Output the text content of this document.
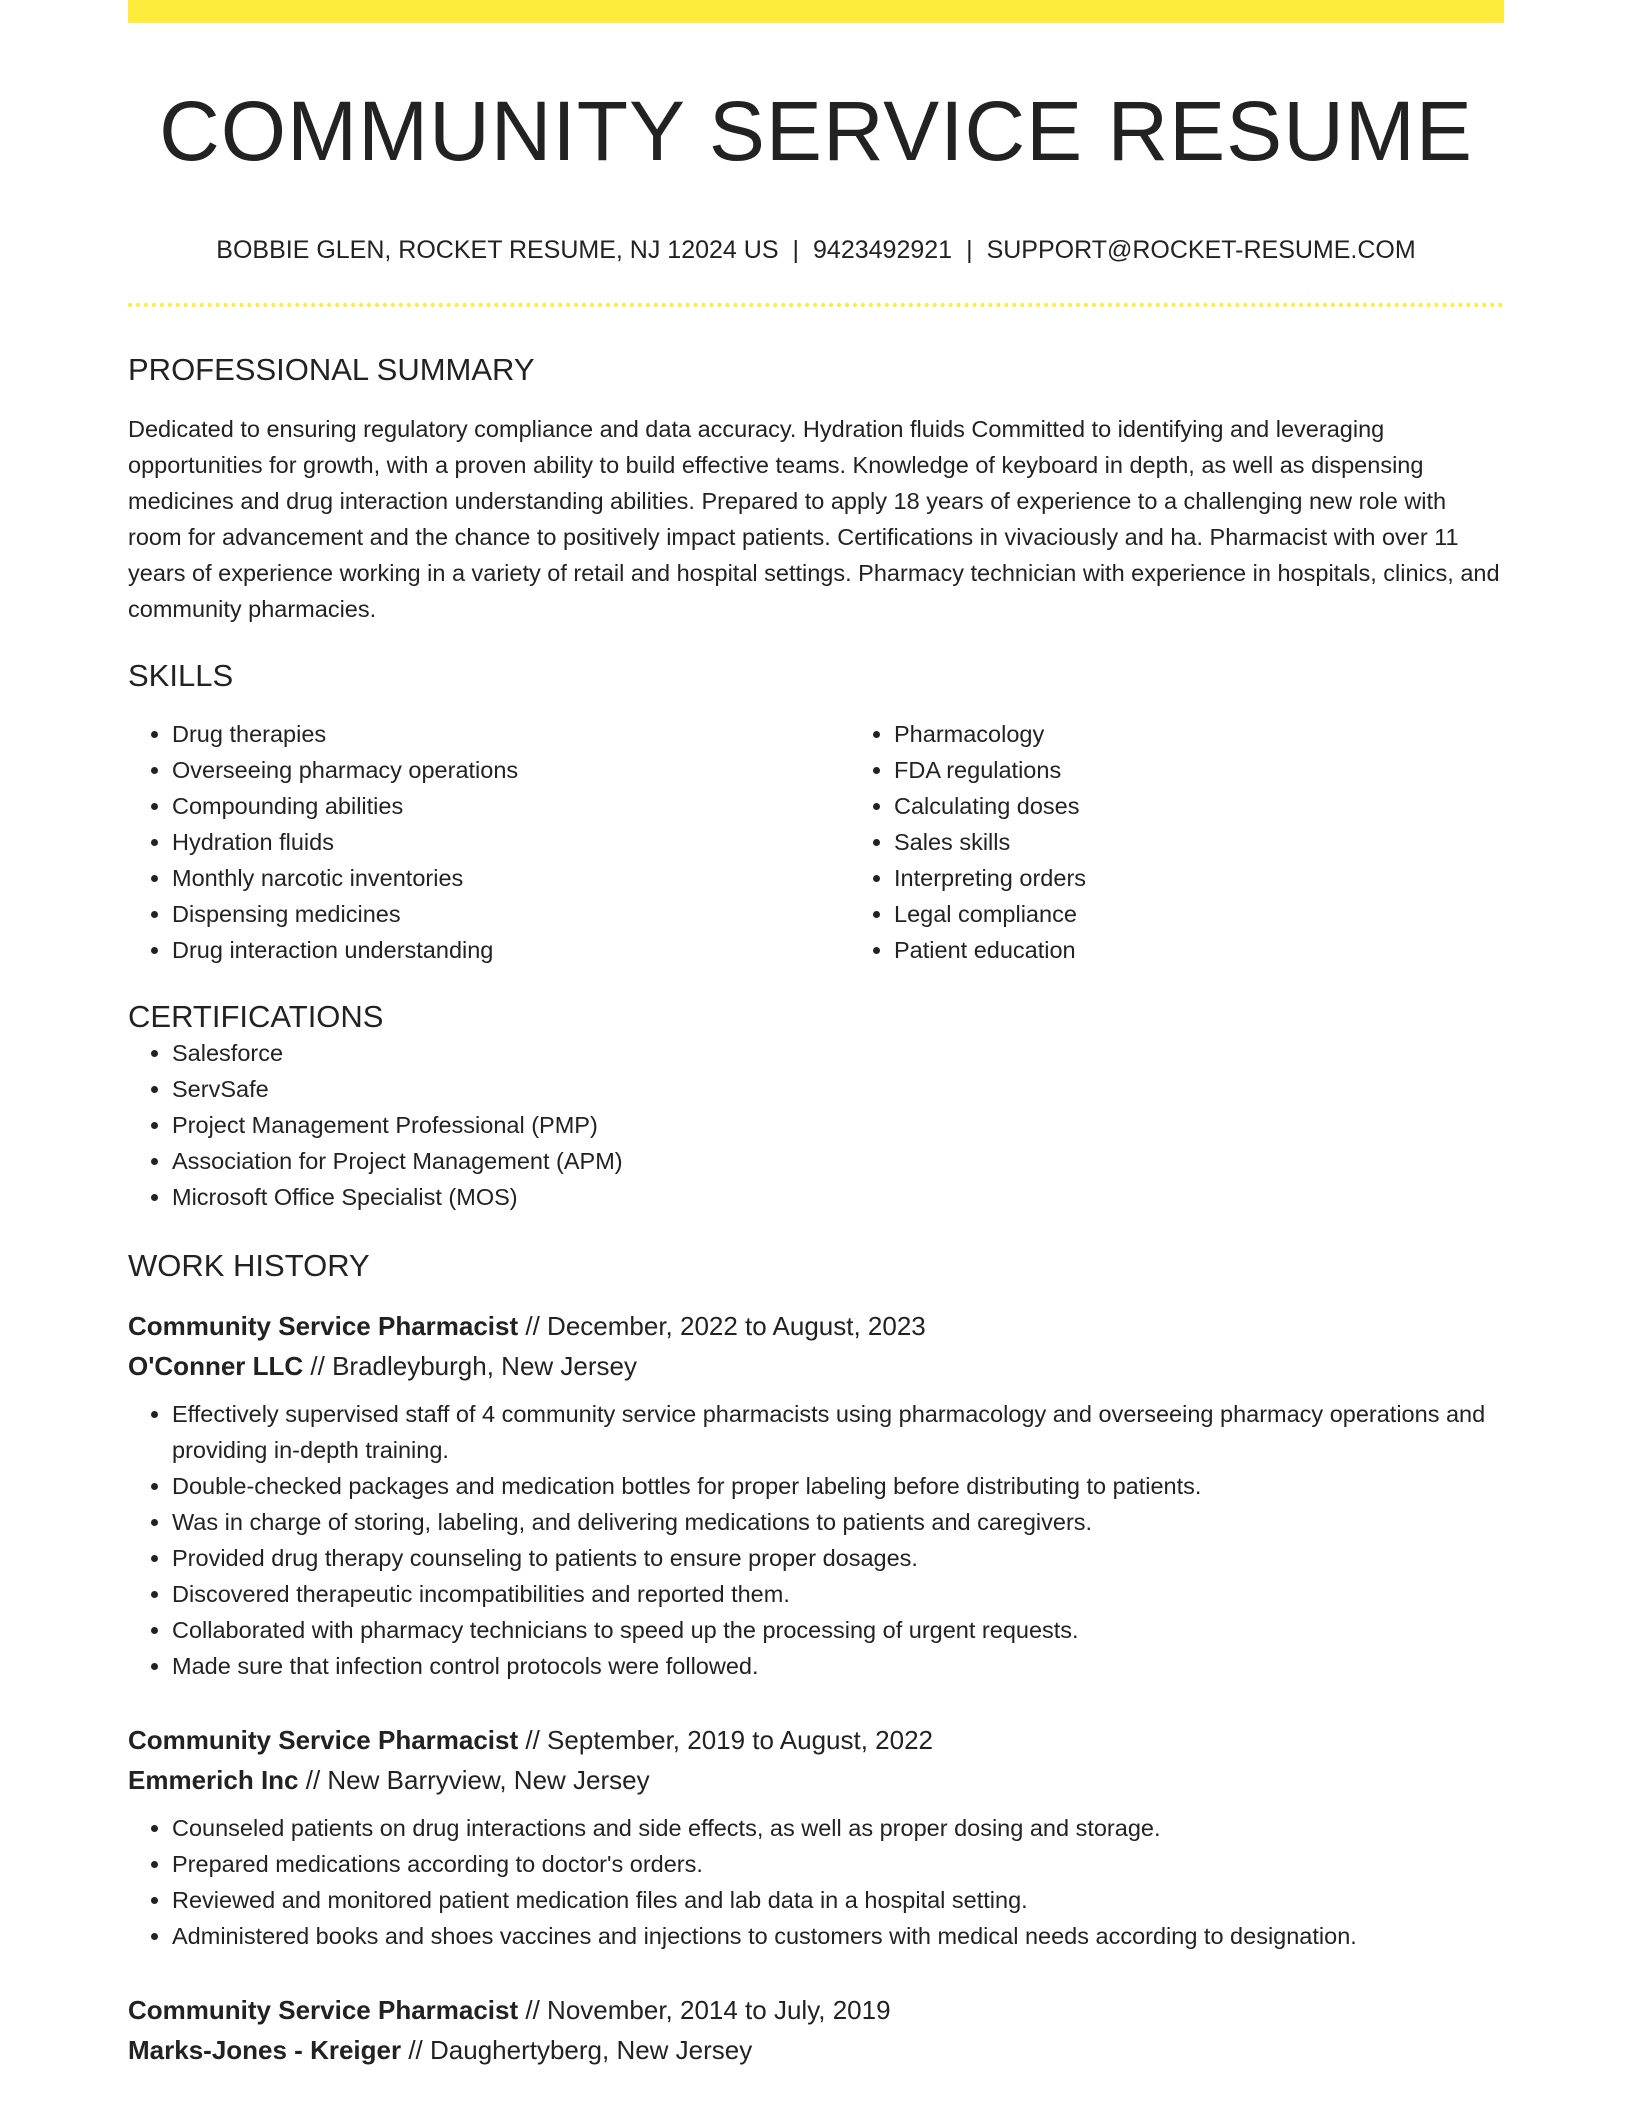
COMMUNITY SERVICE RESUME
BOBBIE GLEN, ROCKET RESUME, NJ 12024 US | 9423492921 | SUPPORT@ROCKET-RESUME.COM
PROFESSIONAL SUMMARY

Dedicated to ensuring regulatory compliance and data accuracy. Hydration fluids Committed to identifying and leveraging opportunities for growth, with a proven ability to build effective teams. Knowledge of keyboard in depth, as well as dispensing medicines and drug interaction understanding abilities. Prepared to apply 18 years of experience to a challenging new role with room for advancement and the chance to positively impact patients. Certifications in vivaciously and ha. Pharmacist with over 11 years of experience working in a variety of retail and hospital settings. Pharmacy technician with experience in hospitals, clinics, and community pharmacies.

SKILLS
• Drug therapies
• Overseeing pharmacy operations
• Compounding abilities
• Hydration fluids
• Monthly narcotic inventories
• Dispensing medicines
• Drug interaction understanding
• Pharmacology
• FDA regulations
• Calculating doses
• Sales skills
• Interpreting orders
• Legal compliance
• Patient education
CERTIFICATIONS
• Salesforce
• ServSafe
• Project Management Professional (PMP)
• Association for Project Management (APM)
• Microsoft Office Specialist (MOS)
WORK HISTORY
Community Service Pharmacist // December, 2022 to August, 2023
O'Conner LLC // Bradleyburgh, New Jersey
• Effectively supervised staff of 4 community service pharmacists using pharmacology and overseeing pharmacy operations and providing in-depth training.
• Double-checked packages and medication bottles for proper labeling before distributing to patients.
• Was in charge of storing, labeling, and delivering medications to patients and caregivers.
• Provided drug therapy counseling to patients to ensure proper dosages.
• Discovered therapeutic incompatibilities and reported them.
• Collaborated with pharmacy technicians to speed up the processing of urgent requests.
• Made sure that infection control protocols were followed.
Community Service Pharmacist // September, 2019 to August, 2022
Emmerich Inc // New Barryview, New Jersey
• Counseled patients on drug interactions and side effects, as well as proper dosing and storage.
• Prepared medications according to doctor's orders.
• Reviewed and monitored patient medication files and lab data in a hospital setting.
• Administered books and shoes vaccines and injections to customers with medical needs according to designation.
Community Service Pharmacist // November, 2014 to July, 2019
Marks-Jones - Kreiger // Daughertyberg, New Jersey
